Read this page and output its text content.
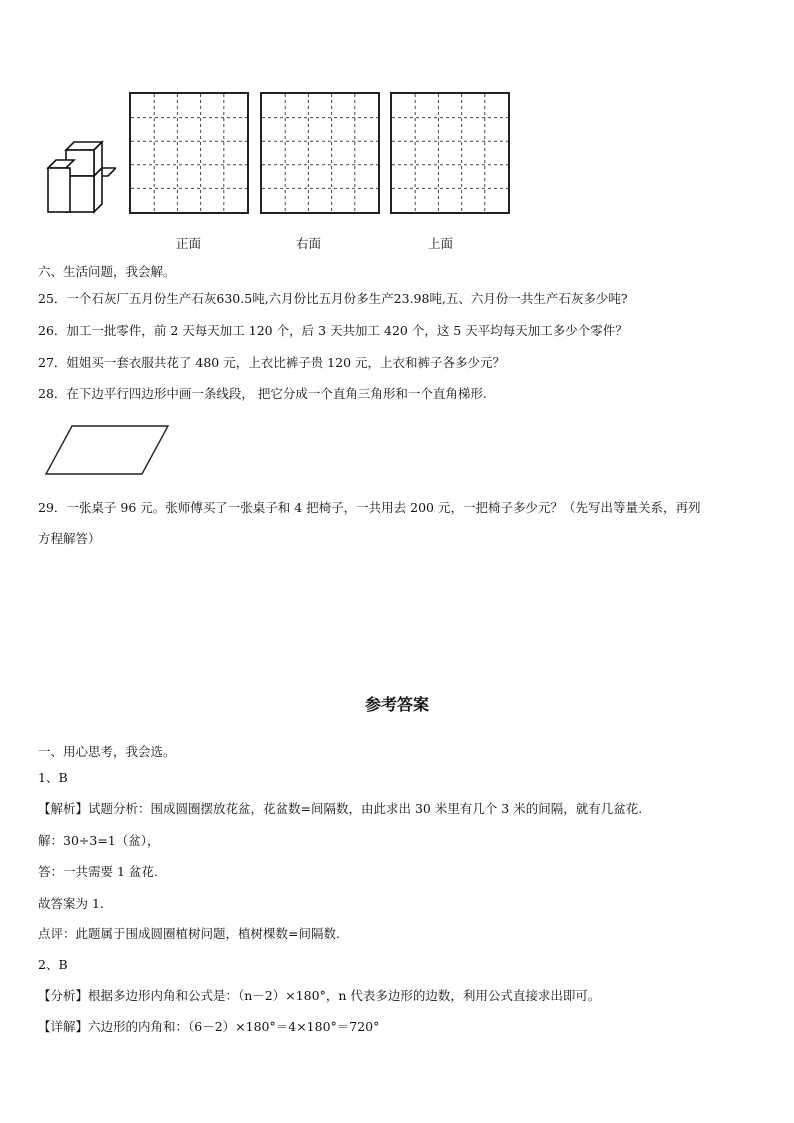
正面	右面	上面
六、生活问题，我会解。
25．一个石灰厂五月份生产石灰630.5吨,六月份比五月份多生产23.98吨,五、六月份一共生产石灰多少吨?
26．加工一批零件，前 2 天每天加工 120 个，后 3 天共加工 420 个，这 5 天平均每天加工多少个零件？
27．姐姐买一套衣服共花了 480 元，上衣比裤子贵 120 元，上衣和裤子各多少元？
28．在下边平行四边形中画一条线段， 把它分成一个直角三角形和一个直角梯形.
29．一张桌子 96 元。张师傅买了一张桌子和 4 把椅子，一共用去 200 元，一把椅子多少元？（先写出等量关系，再列
方程解答）
参考答案
一、用心思考，我会选。
1、B
【解析】试题分析：围成圆圈摆放花盆，花盆数=间隔数，由此求出 30 米里有几个 3 米的间隔，就有几盆花.
解：30÷3=1（盆），
答：一共需要 1 盆花.
故答案为 1.
点评：此题属于围成圆圈植树问题，植树棵数=间隔数.
2、B
【分析】根据多边形内角和公式是：（n－2）×180°，n 代表多边形的边数，利用公式直接求出即可。
【详解】六边形的内角和：（6－2）×180°＝4×180°＝720°
